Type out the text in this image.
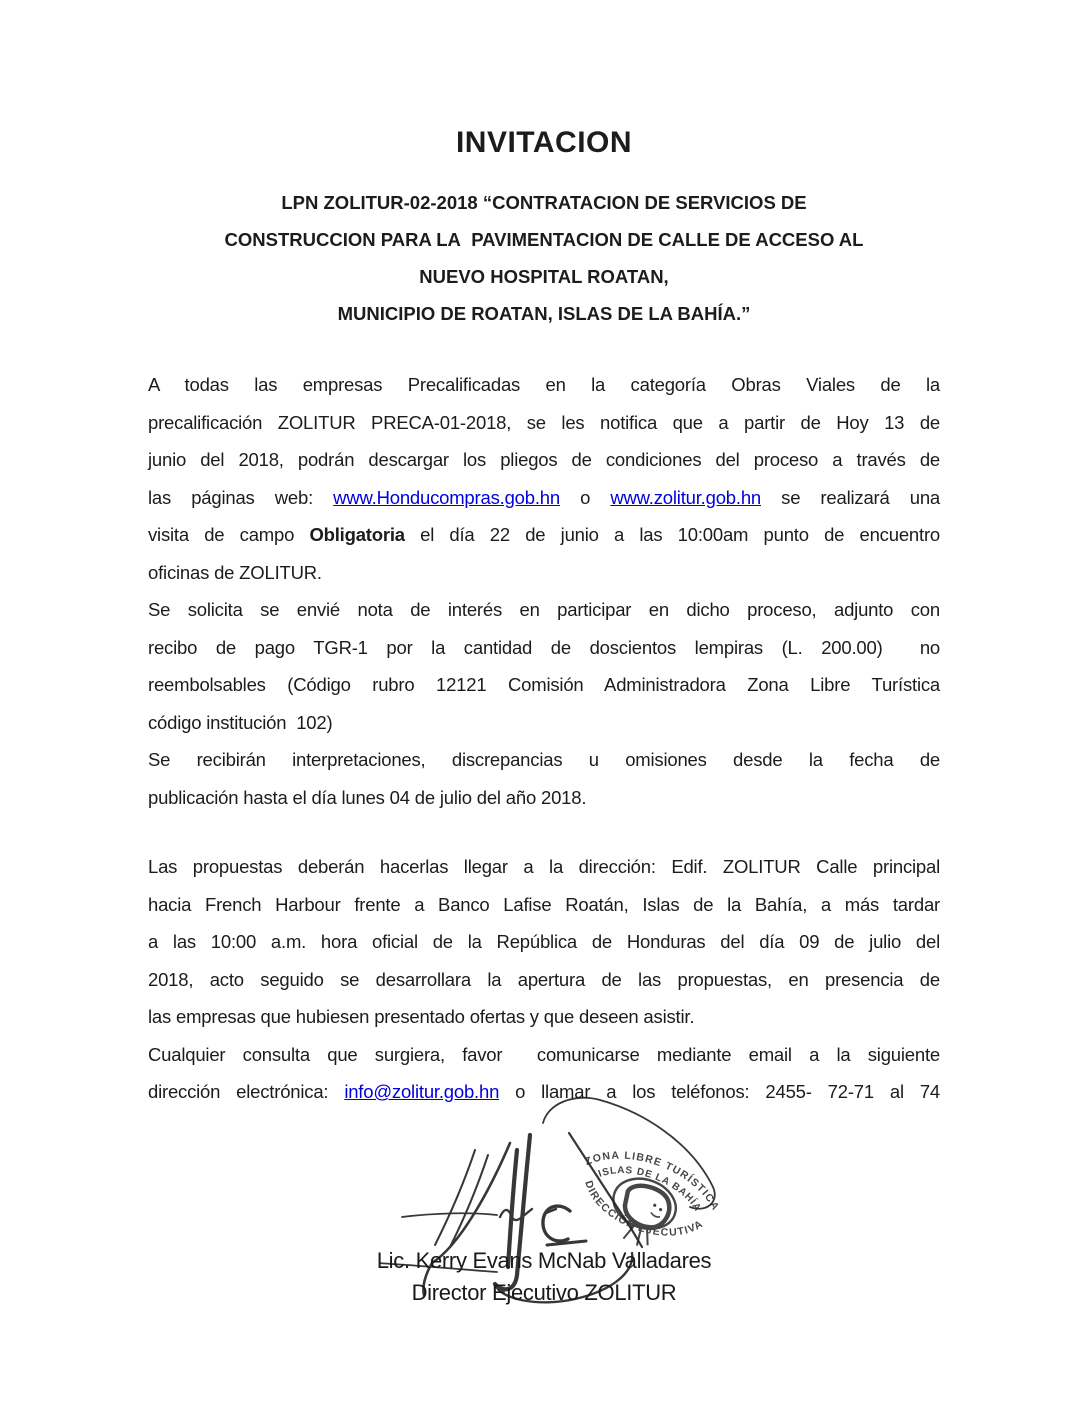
INVITACION
LPN ZOLITUR-02-2018 “CONTRATACION DE SERVICIOS DE
CONSTRUCCION PARA LA  PAVIMENTACION DE CALLE DE ACCESO AL
NUEVO HOSPITAL ROATAN,
MUNICIPIO DE ROATAN, ISLAS DE LA BAHÍA.”
A todas las empresas Precalificadas en la categoría Obras Viales de la
precalificación ZOLITUR PRECA-01-2018, se les notifica que a partir de Hoy 13 de
junio del 2018, podrán descargar los pliegos de condiciones del proceso a través de
las páginas web: www.Honducompras.gob.hn o www.zolitur.gob.hn se realizará una
visita de campo Obligatoria el día 22 de junio a las 10:00am punto de encuentro
oficinas de ZOLITUR.
Se solicita se envié nota de interés en participar en dicho proceso, adjunto con
recibo de pago TGR-1 por la cantidad de doscientos lempiras (L. 200.00)  no
reembolsables (Código rubro 12121 Comisión Administradora Zona Libre Turística
código institución  102)
Se recibirán interpretaciones, discrepancias u omisiones desde la fecha de
publicación hasta el día lunes 04 de julio del año 2018.
Las propuestas deberán hacerlas llegar a la dirección: Edif. ZOLITUR Calle principal
hacia French Harbour frente a Banco Lafise Roatán, Islas de la Bahía, a más tardar
a las 10:00 a.m. hora oficial de la República de Honduras del día 09 de julio del
2018, acto seguido se desarrollara la apertura de las propuestas, en presencia de
las empresas que hubiesen presentado ofertas y que deseen asistir.
Cualquier consulta que surgiera, favor  comunicarse mediante email a la siguiente
dirección electrónica: info@zolitur.gob.hn o llamar a los teléfonos: 2455- 72-71 al 74
ZONA LIBRE TURÍSTICA
ISLAS DE LA BAHÍA
DIRECCIÓN EJECUTIVA
Lic. Kerry Evans McNab Valladares
Director Ejecutivo ZOLITUR
